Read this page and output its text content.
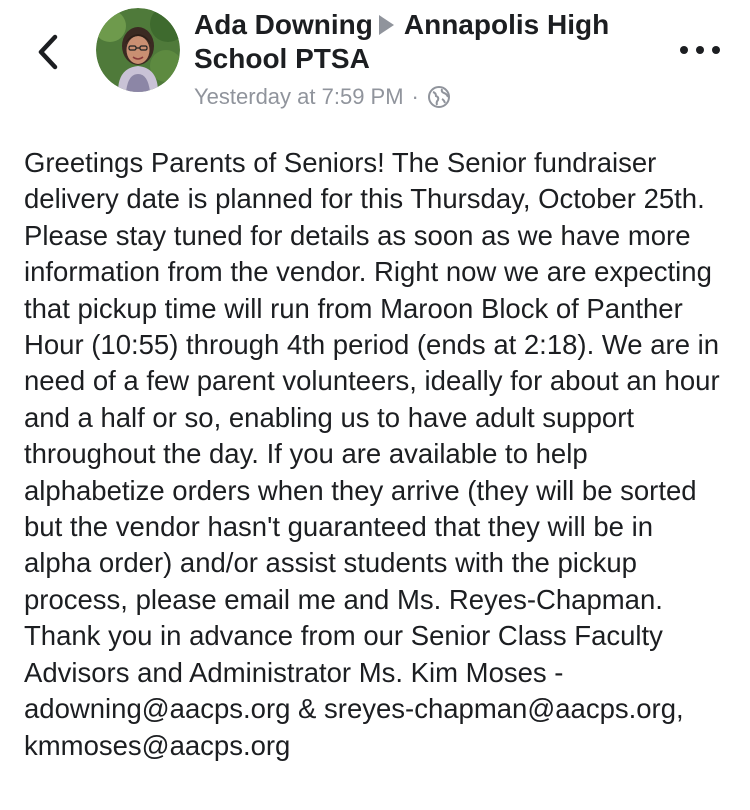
Ada Downing Annapolis High School PTSA
Yesterday at 7:59 PM ·

Greetings Parents of Seniors! The Senior fundraiser delivery date is planned for this Thursday, October 25th.  Please stay tuned for details as soon as we have more information from the vendor. Right now we are expecting that pickup time will run from Maroon Block of Panther Hour (10:55) through 4th period (ends at 2:18). We are in need of a few parent volunteers, ideally for about an hour and a half or so, enabling us to have adult support throughout the day. If you are available to help alphabetize orders when they arrive (they will be sorted but the vendor hasn't guaranteed that they will be in alpha order) and/or assist students with the pickup process, please email me and Ms. Reyes-Chapman.  Thank you in advance from our Senior Class Faculty Advisors and Administrator Ms. Kim Moses - adowning@aacps.org & sreyes-chapman@aacps.org, kmmoses@aacps.org
